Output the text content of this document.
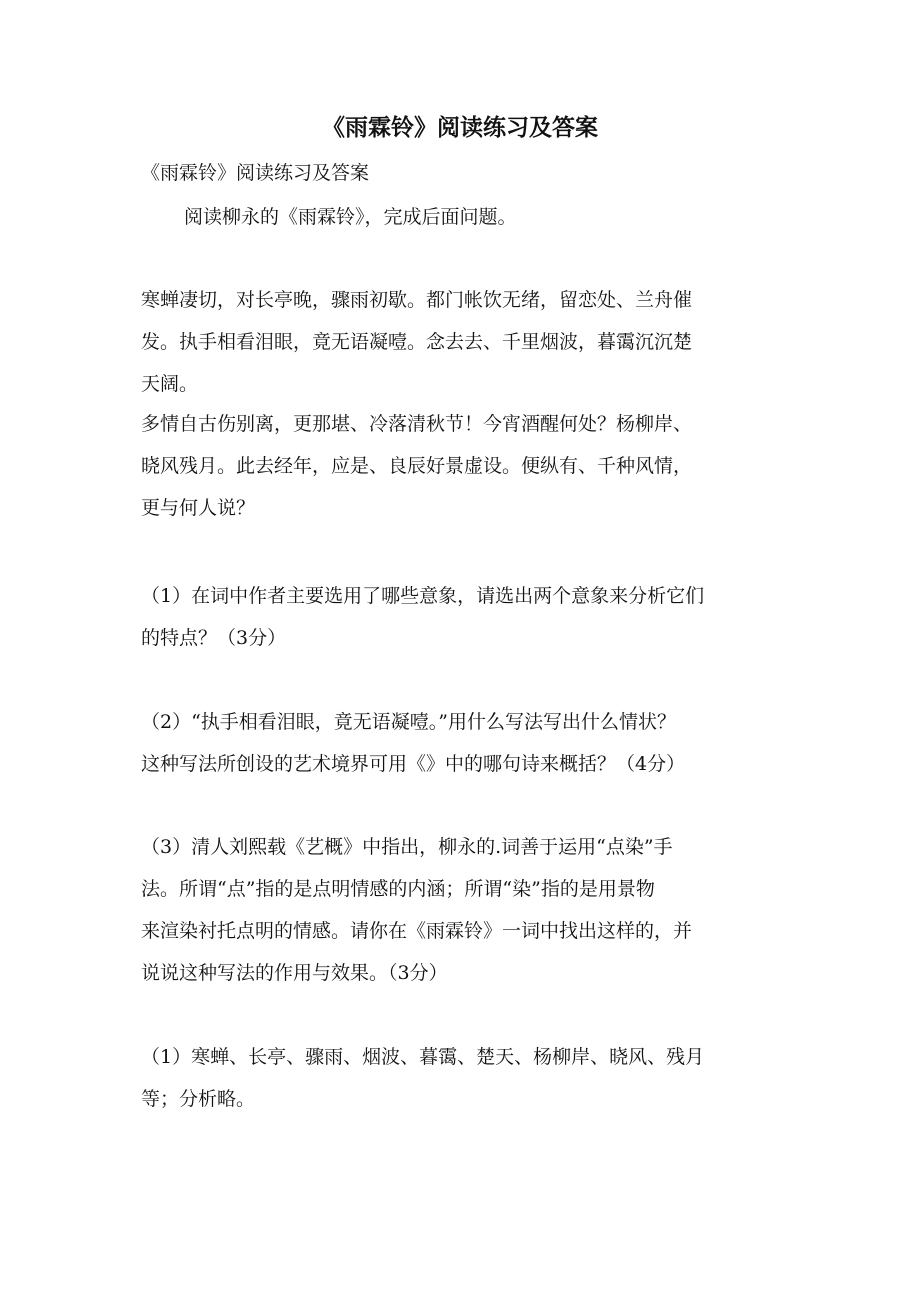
《雨霖铃》阅读练习及答案

《雨霖铃》阅读练习及答案

阅读柳永的《雨霖铃》，完成后面问题。

寒蝉凄切，对长亭晚，骤雨初歇。都门帐饮无绪，留恋处、兰舟催
发。执手相看泪眼，竟无语凝噎。念去去、千里烟波，暮霭沉沉楚
天阔。
多情自古伤别离，更那堪、冷落清秋节！今宵酒醒何处？杨柳岸、
晓风残月。此去经年，应是、良辰好景虚设。便纵有、千种风情，
更与何人说？
（1）在词中作者主要选用了哪些意象，请选出两个意象来分析它们
的特点？（3分）
（2）“执手相看泪眼，竟无语凝噎。”用什么写法写出什么情状？
这种写法所创设的艺术境界可用《》中的哪句诗来概括？（4分）
（3）清人刘熙载《艺概》中指出，柳永的.词善于运用“点染”手
法。所谓“点”指的是点明情感的内涵；所谓“染”指的是用景物
来渲染衬托点明的情感。请你在《雨霖铃》一词中找出这样的，并
说说这种写法的作用与效果。（3分）
（1）寒蝉、长亭、骤雨、烟波、暮霭、楚天、杨柳岸、晓风、残月
等；分析略。
